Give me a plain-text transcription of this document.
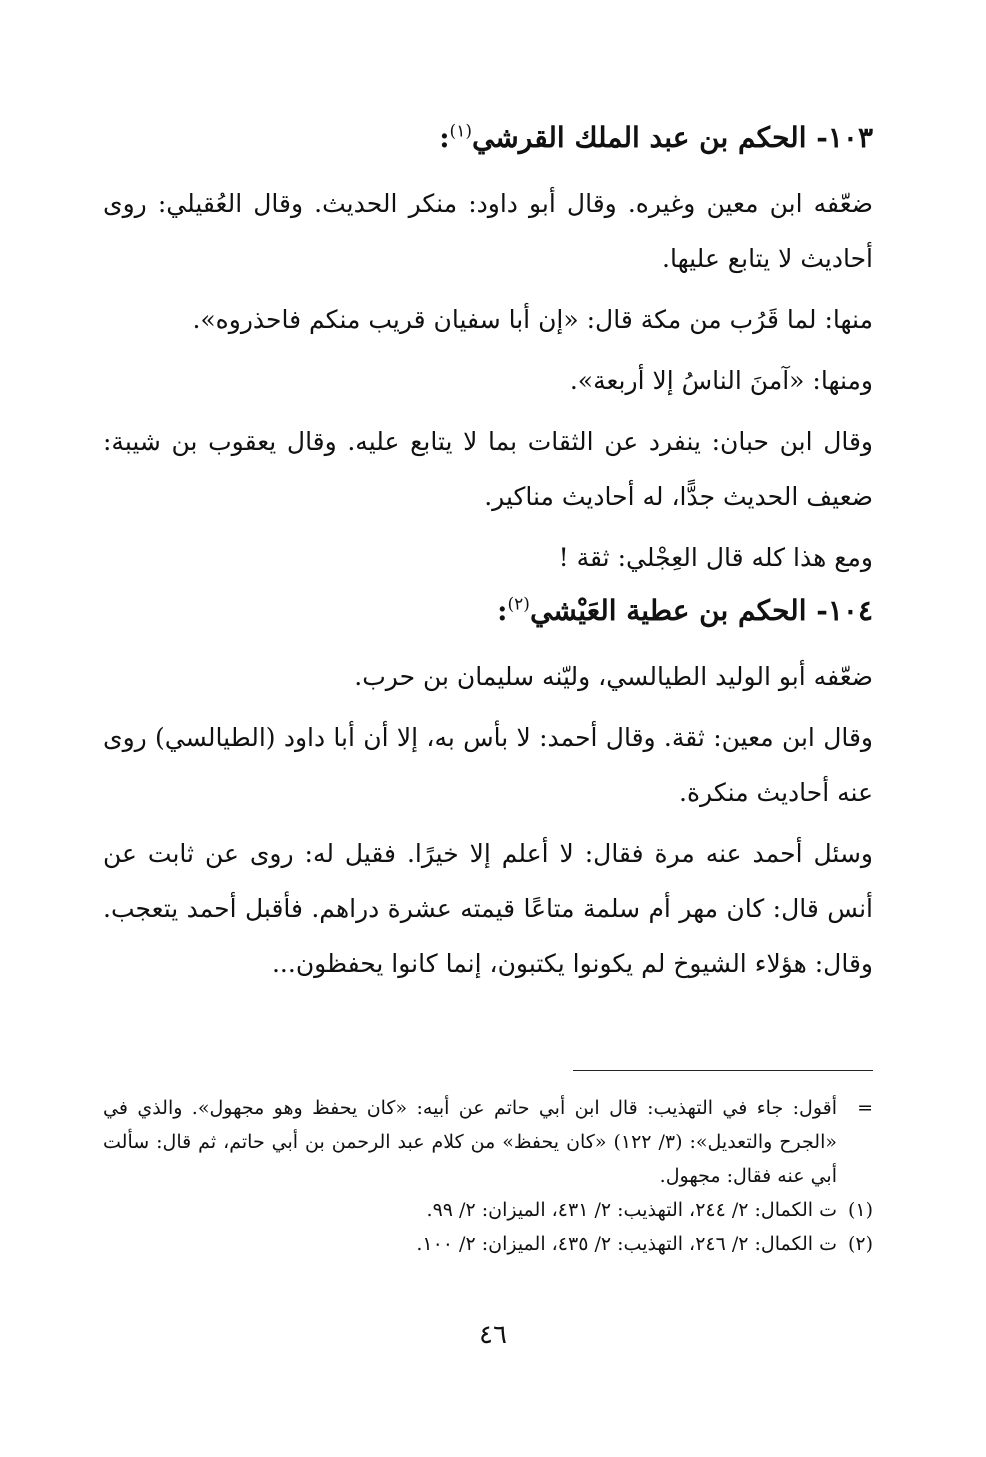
١٠٣- الحكم بن عبد الملك القرشي$^{(١)}$:

ضعّفه ابن معين وغيره. وقال أبو داود: منكر الحديث. وقال العُقيلي: روى أحاديث لا يتابع عليها.

منها: لما قَرُب من مكة قال: «إن أبا سفيان قريب منكم فاحذروه».

ومنها: «آمنَ الناسُ إلا أربعة».

وقال ابن حبان: ينفرد عن الثقات بما لا يتابع عليه. وقال يعقوب بن شيبة: ضعيف الحديث جدًّا، له أحاديث مناكير.

ومع هذا كله قال العِجْلي: ثقة !

١٠٤- الحكم بن عطية العَيْشي$^{(٢)}$:

ضعّفه أبو الوليد الطيالسي، وليّنه سليمان بن حرب.

وقال ابن معين: ثقة. وقال أحمد: لا بأس به، إلا أن أبا داود (الطيالسي) روى عنه أحاديث منكرة.

وسئل أحمد عنه مرة فقال: لا أعلم إلا خيرًا. فقيل له: روى عن ثابت عن أنس قال: كان مهر أم سلمة متاعًا قيمته عشرة دراهم. فأقبل أحمد يتعجب. وقال: هؤلاء الشيوخ لم يكونوا يكتبون، إنما كانوا يحفظون...

=

أقول: جاء في التهذيب: قال ابن أبي حاتم عن أبيه: «كان يحفظ وهو مجهول». والذي في «الجرح والتعديل»: (٣/ ١٢٢) «كان يحفظ» من كلام عبد الرحمن بن أبي حاتم، ثم قال: سألت أبي عنه فقال: مجهول.

(١)

ت الكمال: ٢/ ٢٤٤، التهذيب: ٢/ ٤٣١، الميزان: ٢/ ٩٩.

(٢)

ت الكمال: ٢/ ٢٤٦، التهذيب: ٢/ ٤٣٥، الميزان: ٢/ ١٠٠.

٤٦
